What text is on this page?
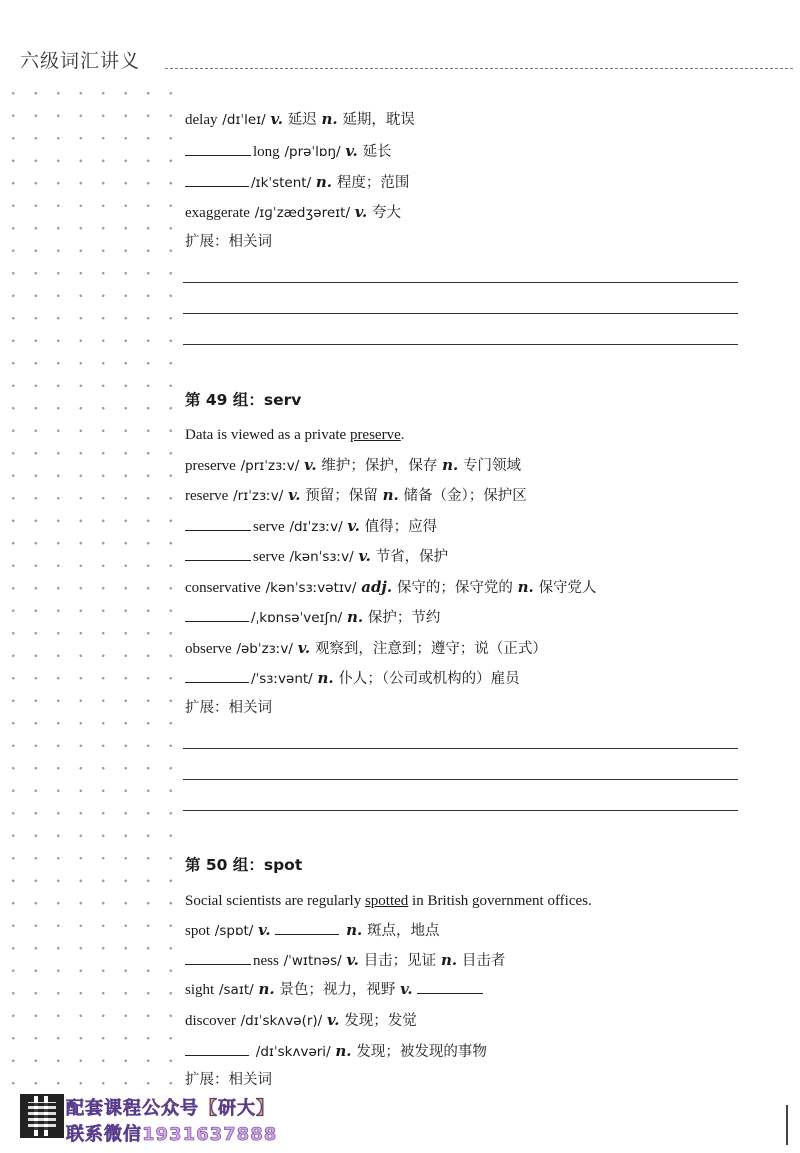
六级词汇讲义
delay /dɪˈleɪ/ v. 延迟 n. 延期，耽误
long /prəˈlɒŋ/ v. 延长
/ɪkˈstent/ n. 程度；范围
exaggerate /ɪɡˈzædʒəreɪt/ v. 夸大
扩展：相关词
第 49 组：serv
Data is viewed as a private preserve.
preserve /prɪˈzɜːv/ v. 维护；保护，保存 n. 专门领域
reserve /rɪˈzɜːv/ v. 预留；保留 n. 储备（金）；保护区
serve /dɪˈzɜːv/ v. 值得；应得
serve /kənˈsɜːv/ v. 节省，保护
conservative /kənˈsɜːvətɪv/ adj. 保守的；保守党的 n. 保守党人
/ˌkɒnsəˈveɪʃn/ n. 保护；节约
observe /əbˈzɜːv/ v. 观察到，注意到；遵守；说（正式）
/ˈsɜːvənt/ n. 仆人；（公司或机构的）雇员
扩展：相关词
第 50 组：spot
Social scientists are regularly spotted in British government offices.
spot /spɒt/ v.	n. 斑点，地点
ness /ˈwɪtnəs/ v. 目击；见证 n. 目击者
sight /saɪt/ n. 景色；视力，视野 v.
discover /dɪˈskʌvə(r)/ v. 发现；发觉
/dɪˈskʌvəri/ n. 发现；被发现的事物
扩展：相关词
配套课程公众号【研大】
联系微信1931637888
